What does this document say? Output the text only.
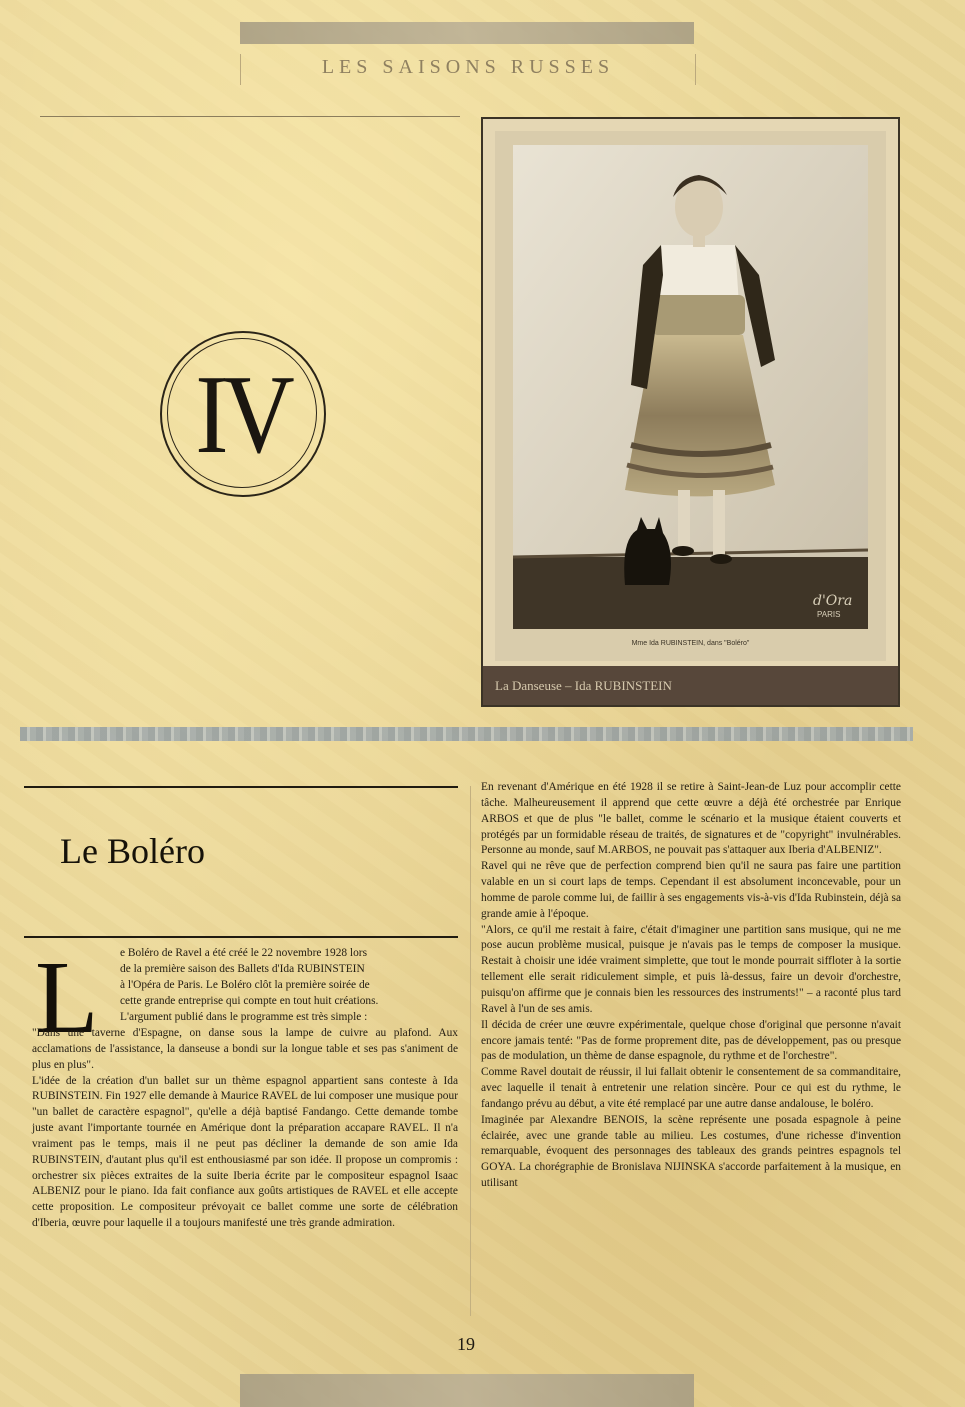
LES SAISONS RUSSES
IV
d'Ora
PARIS
Mme Ida RUBINSTEIN, dans "Boléro"
La Danseuse – Ida RUBINSTEIN
Le Boléro
L e Boléro de Ravel a été créé le 22 novembre 1928 lors
de la première saison des Ballets d'Ida RUBINSTEIN
à l'Opéra de Paris. Le Boléro clôt la première soirée de
cette grande entreprise qui compte en tout huit créations.
L'argument publié dans le programme est très simple :

"Dans une taverne d'Espagne, on danse sous la lampe de cuivre au plafond. Aux acclamations de l'assistance, la danseuse a bondi sur la longue table et ses pas s'animent de plus en plus".

L'idée de la création d'un ballet sur un thème espagnol appartient sans conteste à Ida RUBINSTEIN. Fin 1927 elle demande à Maurice RAVEL de lui composer une musique pour "un ballet de caractère espagnol", qu'elle a déjà baptisé Fandango. Cette demande tombe juste avant l'importante tournée en Amérique dont la préparation accapare RAVEL. Il n'a vraiment pas le temps, mais il ne peut pas décliner la demande de son amie Ida RUBINSTEIN, d'autant plus qu'il est enthousiasmé par son idée. Il propose un compromis : orchestrer six pièces extraites de la suite Iberia écrite par le compositeur espagnol Isaac ALBENIZ pour le piano. Ida fait confiance aux goûts artistiques de RAVEL et elle accepte cette proposition. Le compositeur prévoyait ce ballet comme une sorte de célébration d'Iberia, œuvre pour laquelle il a toujours manifesté une très grande admiration.

En revenant d'Amérique en été 1928 il se retire à Saint-Jean-de Luz pour accomplir cette tâche. Malheureusement il apprend que cette œuvre a déjà été orchestrée par Enrique ARBOS et que de plus "le ballet, comme le scénario et la musique étaient couverts et protégés par un formidable réseau de traités, de signatures et de "copyright" invulnérables. Personne au monde, sauf M.ARBOS, ne pouvait pas s'attaquer aux Iberia d'ALBENIZ".

Ravel qui ne rêve que de perfection comprend bien qu'il ne saura pas faire une partition valable en un si court laps de temps. Cependant il est absolument inconcevable, pour un homme de parole comme lui, de faillir à ses engagements vis-à-vis d'Ida Rubinstein, déjà sa grande amie à l'époque.

"Alors, ce qu'il me restait à faire, c'était d'imaginer une partition sans musique, qui ne me pose aucun problème musical, puisque je n'avais pas le temps de composer la musique. Restait à choisir une idée vraiment simplette, que tout le monde pourrait siffloter à la sortie tellement elle serait ridiculement simple, et puis là-dessus, faire un devoir d'orchestre, puisqu'on affirme que je connais bien les ressources des instruments!" – a raconté plus tard Ravel à l'un de ses amis.

Il décida de créer une œuvre expérimentale, quelque chose d'original que personne n'avait encore jamais tenté: "Pas de forme proprement dite, pas de développement, pas ou presque pas de modulation, un thème de danse espagnole, du rythme et de l'orchestre".

Comme Ravel doutait de réussir, il lui fallait obtenir le consentement de sa commanditaire, avec laquelle il tenait à entretenir une relation sincère. Pour ce qui est du rythme, le fandango prévu au début, a vite été remplacé par une autre danse andalouse, le boléro.

Imaginée par Alexandre BENOIS, la scène représente une posada espagnole à peine éclairée, avec une grande table au milieu. Les costumes, d'une richesse d'invention remarquable, évoquent des personnages des tableaux des grands peintres espagnols tel GOYA. La chorégraphie de Bronislava NIJINSKA s'accorde parfaitement à la musique, en utilisant

19
